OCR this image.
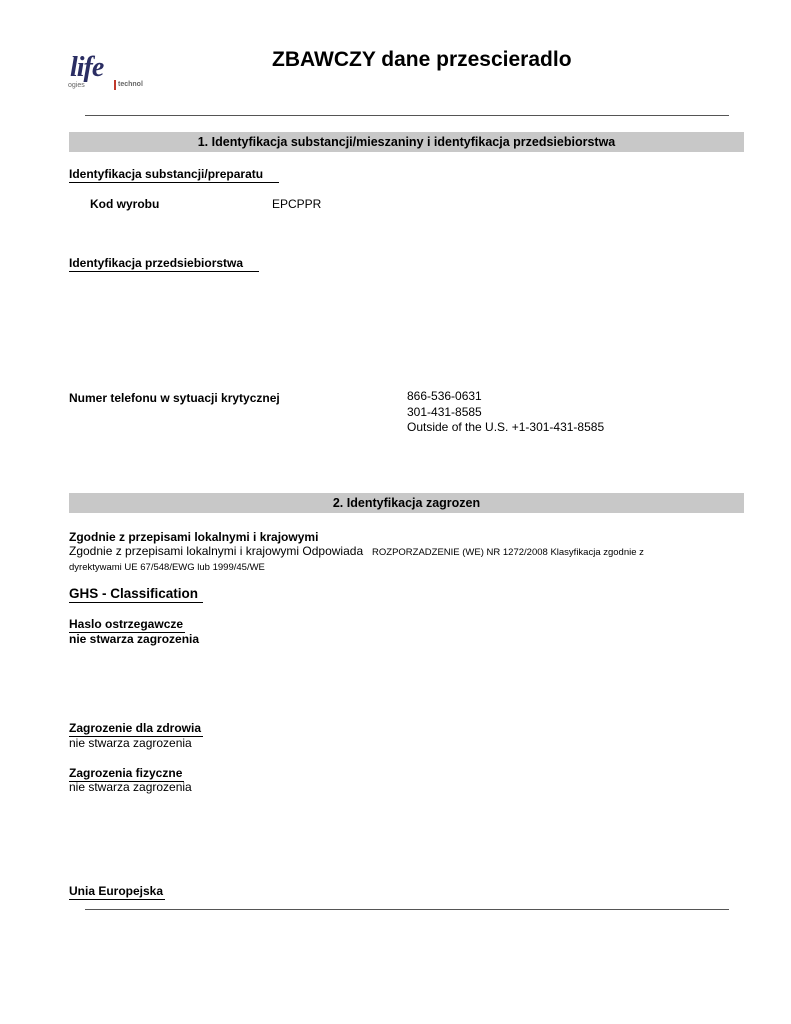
life
ogies	technol
ZBAWCZY dane przescieradlo
1. Identyfikacja substancji/mieszaniny i identyfikacja przedsiebiorstwa
Identyfikacja substancji/preparatu
Kod wyrobu	EPCPPR
Identyfikacja przedsiebiorstwa
Numer telefonu w sytuacji krytycznej	866-536-0631
301-431-8585
Outside of the U.S. +1-301-431-8585
2. Identyfikacja zagrozen
Zgodnie z przepisami lokalnymi i krajowymi
Zgodnie z przepisami lokalnymi i krajowymi Odpowiada ROZPORZADZENIE (WE) NR 1272/2008 Klasyfikacja zgodnie z
dyrektywami UE 67/548/EWG lub 1999/45/WE
GHS - Classification
Haslo ostrzegawcze
nie stwarza zagrozenia
Zagrozenie dla zdrowia
nie stwarza zagrozenia
Zagrozenia fizyczne
nie stwarza zagrozenia
Unia Europejska
